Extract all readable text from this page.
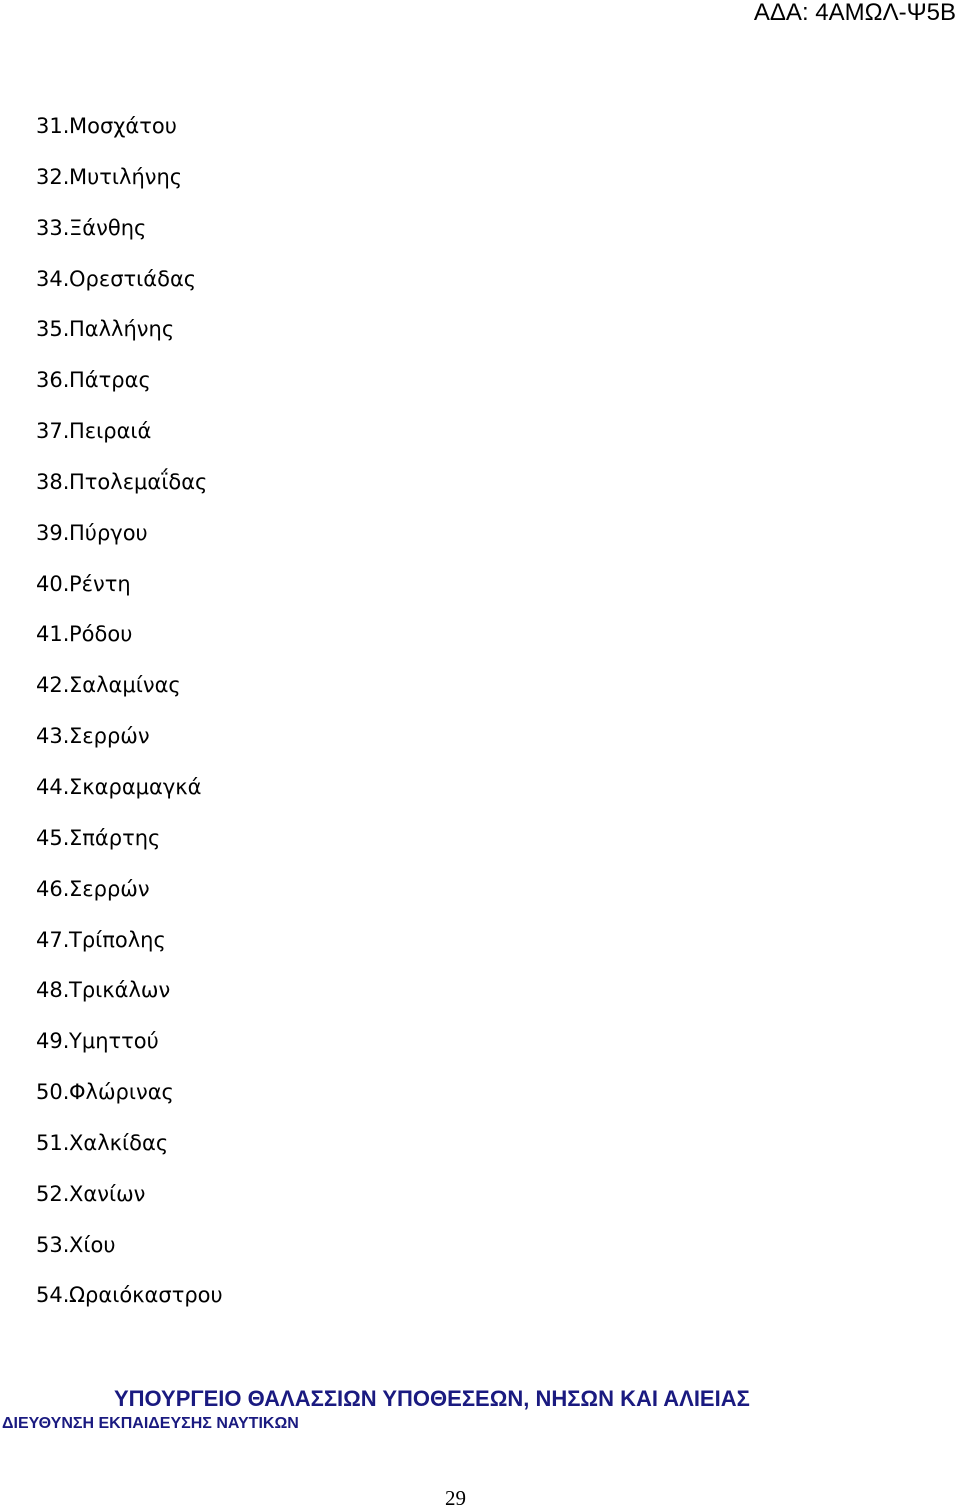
ΑΔΑ: 4ΑΜΩΛ-Ψ5Β
31. Μοσχάτου
32. Μυτιλήνης
33. Ξάνθης
34. Ορεστιάδας
35. Παλλήνης
36. Πάτρας
37. Πειραιά
38. Πτολεμαΐδας
39. Πύργου
40. Ρέντη
41. Ρόδου
42. Σαλαμίνας
43. Σερρών
44. Σκαραμαγκά
45. Σπάρτης
46. Σερρών
47. Τρίπολης
48. Τρικάλων
49. Υμηττού
50. Φλώρινας
51. Χαλκίδας
52. Χανίων
53. Χίου
54. Ωραιόκαστρου
ΥΠΟΥΡΓΕΙΟ ΘΑΛΑΣΣΙΩΝ ΥΠΟΘΕΣΕΩΝ, ΝΗΣΩΝ ΚΑΙ ΑΛΙΕΙΑΣ
ΔΙΕΥΘΥΝΣΗ ΕΚΠΑΙΔΕΥΣΗΣ ΝΑΥΤΙΚΩΝ
29
